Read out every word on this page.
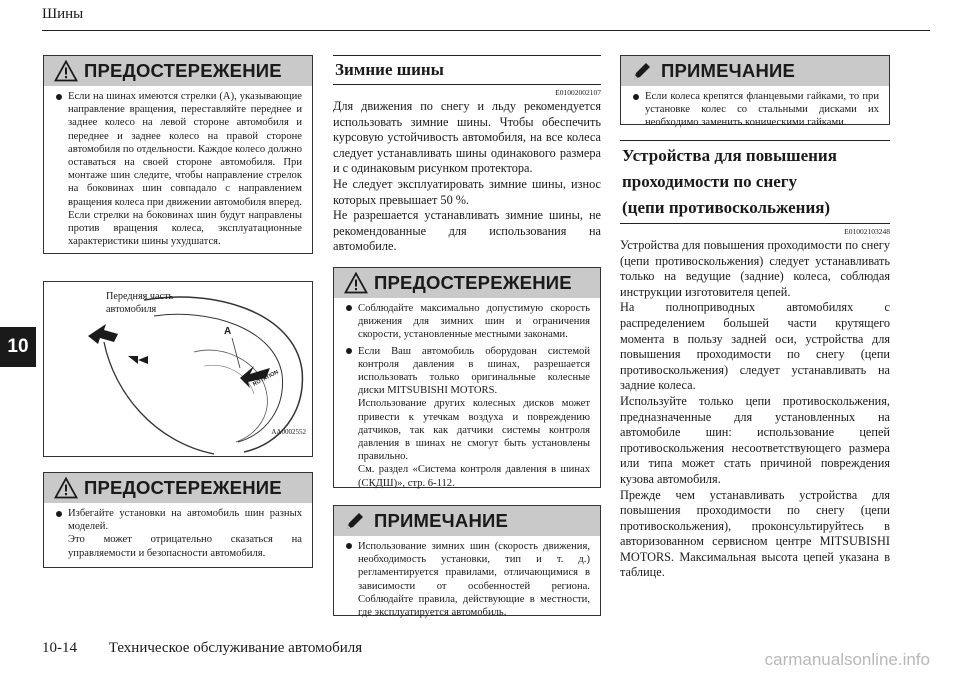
Шины
10
ПРЕДОСТЕРЕЖЕНИЕ
Если на шинах имеются стрелки (A), указывающие направление вращения, переставляйте переднее и заднее колесо на левой стороне автомобиля и переднее и заднее колесо на правой стороне автомобиля по отдельности. Каждое колесо должно оставаться на своей стороне автомобиля. При монтаже шин следите, чтобы направление стрелок на боковинах шин совпадало с направлением вращения колеса при движении автомобиля вперед. Если стрелки на боковинах шин будут направлены против вращения колеса, эксплуатационные характеристики шины ухудшатся.
ROTATION
Передняя часть
автомобиля
A
AA0002552
ПРЕДОСТЕРЕЖЕНИЕ
Избегайте установки на автомобиль шин разных моделей.
Это может отрицательно сказаться на управляемости и безопасности автомобиля.
Зимние шины
E01002002107

Для движения по снегу и льду рекомендуется использовать зимние шины. Чтобы обеспечить курсовую устойчивость автомобиля, на все колеса следует устанавливать шины одинакового размера и с одинаковым рисунком протектора.

Не следует эксплуатировать зимние шины, износ которых превышает 50 %.

Не разрешается устанавливать зимние шины, не рекомендованные для использования на автомобиле.

ПРЕДОСТЕРЕЖЕНИЕ
Соблюдайте максимально допустимую скорость движения для зимних шин и ограничения скорости, установленные местными законами.
Если Ваш автомобиль оборудован системой контроля давления в шинах, разрешается использовать только оригинальные колесные диски MITSUBISHI MOTORS.
Использование других колесных дисков может привести к утечкам воздуха и повреждению датчиков, так как датчики системы контроля давления в шинах не смогут быть установлены правильно.
См. раздел «Система контроля давления в шинах (СКДШ)», стр. 6-112.
ПРИМЕЧАНИЕ
Использование зимних шин (скорость движения, необходимость установки, тип и т. д.) регламентируется правилами, отличающимися в зависимости от особенностей региона. Соблюдайте правила, действующие в местности, где эксплуатируется автомобиль.
ПРИМЕЧАНИЕ
Если колеса крепятся фланцевыми гайками, то при установке колес со стальными дисками их необходимо заменить коническими гайками.
Устройства для повышения
проходимости по снегу
(цепи противоскольжения)
E01002103248

Устройства для повышения проходимости по снегу (цепи противоскольжения) следует устанавливать только на ведущие (задние) колеса, соблюдая инструкции изготовителя цепей.

На полноприводных автомобилях с распределением большей части крутящего момента в пользу задней оси, устройства для повышения проходимости по снегу (цепи противоскольжения) следует устанавливать на задние колеса.

Используйте только цепи противоскольжения, предназначенные для установленных на автомобиле шин: использование цепей противоскольжения несоответствующего размера или типа может стать причиной повреждения кузова автомобиля.

Прежде чем устанавливать устройства для повышения проходимости по снегу (цепи противоскольжения), проконсультируйтесь в авторизованном сервисном центре MITSUBISHI MOTORS. Максимальная высота цепей указана в таблице.

10-14 Техническое обслуживание автомобиля
carmanualsonline.info
